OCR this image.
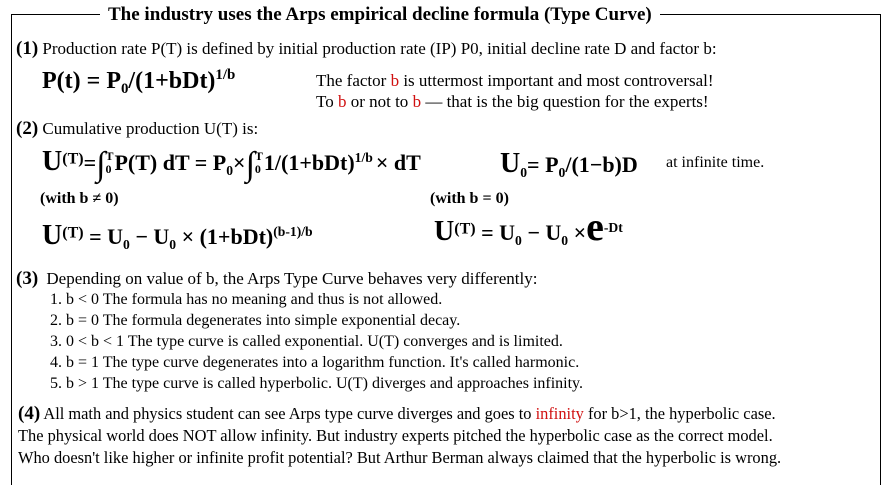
The industry uses the Arps empirical decline formula (Type Curve)
(1) Production rate P(T) is defined by initial production rate (IP) P0, initial decline rate D and factor b:
$P(t) = P_0/(1+bDt)^{1/b}$	The factor b is uttermost important and most controversal!
To b or not to b — that is the big question for the experts!
(2) Cumulative production U(T) is:
$U^{(T)}=\int$ T
0 P(T) dT = $P_0\times\int$ T
0 $1/(1+bDt)^{1/b}$ × dT	$U_0= P_0/(1-b)D$ at infinite time.
(with b ≠ 0)	(with b = 0)
$U^{(T)} = U_0 - U_0 \times (1+bDt)^{(b-1)/b}$	$U^{(T)} = U_0 - U_0 \times e^{-Dt}$
(3) Depending on value of b, the Arps Type Curve behaves very differently:
1. b < 0 The formula has no meaning and thus is not allowed.
2. b = 0 The formula degenerates into simple exponential decay.
3. 0 < b < 1 The type curve is called exponential. U(T) converges and is limited.
4. b = 1 The type curve degenerates into a logarithm function. It's called harmonic.
5. b > 1 The type curve is called hyperbolic. U(T) diverges and approaches infinity.
(4) All math and physics student can see Arps type curve diverges and goes to infinity for b>1, the hyperbolic case.
The physical world does NOT allow infinity. But industry experts pitched the hyperbolic case as the correct model.
Who doesn't like higher or infinite profit potential? But Arthur Berman always claimed that the hyperbolic is wrong.
